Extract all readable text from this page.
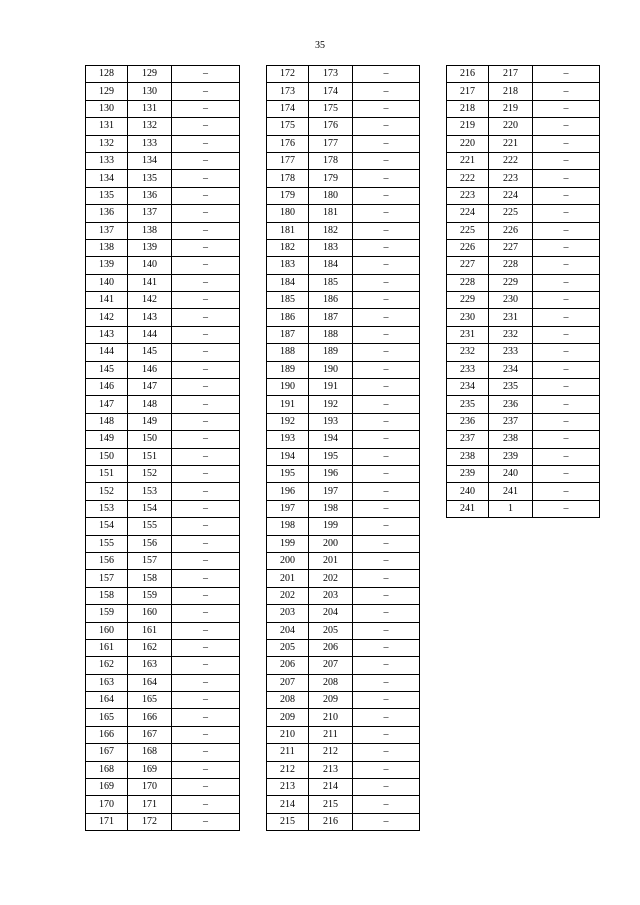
35
128	129	–
129	130	–
130	131	–
131	132	–
132	133	–
133	134	–
134	135	–
135	136	–
136	137	–
137	138	–
138	139	–
139	140	–
140	141	–
141	142	–
142	143	–
143	144	–
144	145	–
145	146	–
146	147	–
147	148	–
148	149	–
149	150	–
150	151	–
151	152	–
152	153	–
153	154	–
154	155	–
155	156	–
156	157	–
157	158	–
158	159	–
159	160	–
160	161	–
161	162	–
162	163	–
163	164	–
164	165	–
165	166	–
166	167	–
167	168	–
168	169	–
169	170	–
170	171	–
171	172	–
172	173	–
173	174	–
174	175	–
175	176	–
176	177	–
177	178	–
178	179	–
179	180	–
180	181	–
181	182	–
182	183	–
183	184	–
184	185	–
185	186	–
186	187	–
187	188	–
188	189	–
189	190	–
190	191	–
191	192	–
192	193	–
193	194	–
194	195	–
195	196	–
196	197	–
197	198	–
198	199	–
199	200	–
200	201	–
201	202	–
202	203	–
203	204	–
204	205	–
205	206	–
206	207	–
207	208	–
208	209	–
209	210	–
210	211	–
211	212	–
212	213	–
213	214	–
214	215	–
215	216	–
216	217	–
217	218	–
218	219	–
219	220	–
220	221	–
221	222	–
222	223	–
223	224	–
224	225	–
225	226	–
226	227	–
227	228	–
228	229	–
229	230	–
230	231	–
231	232	–
232	233	–
233	234	–
234	235	–
235	236	–
236	237	–
237	238	–
238	239	–
239	240	–
240	241	–
241	1	–
